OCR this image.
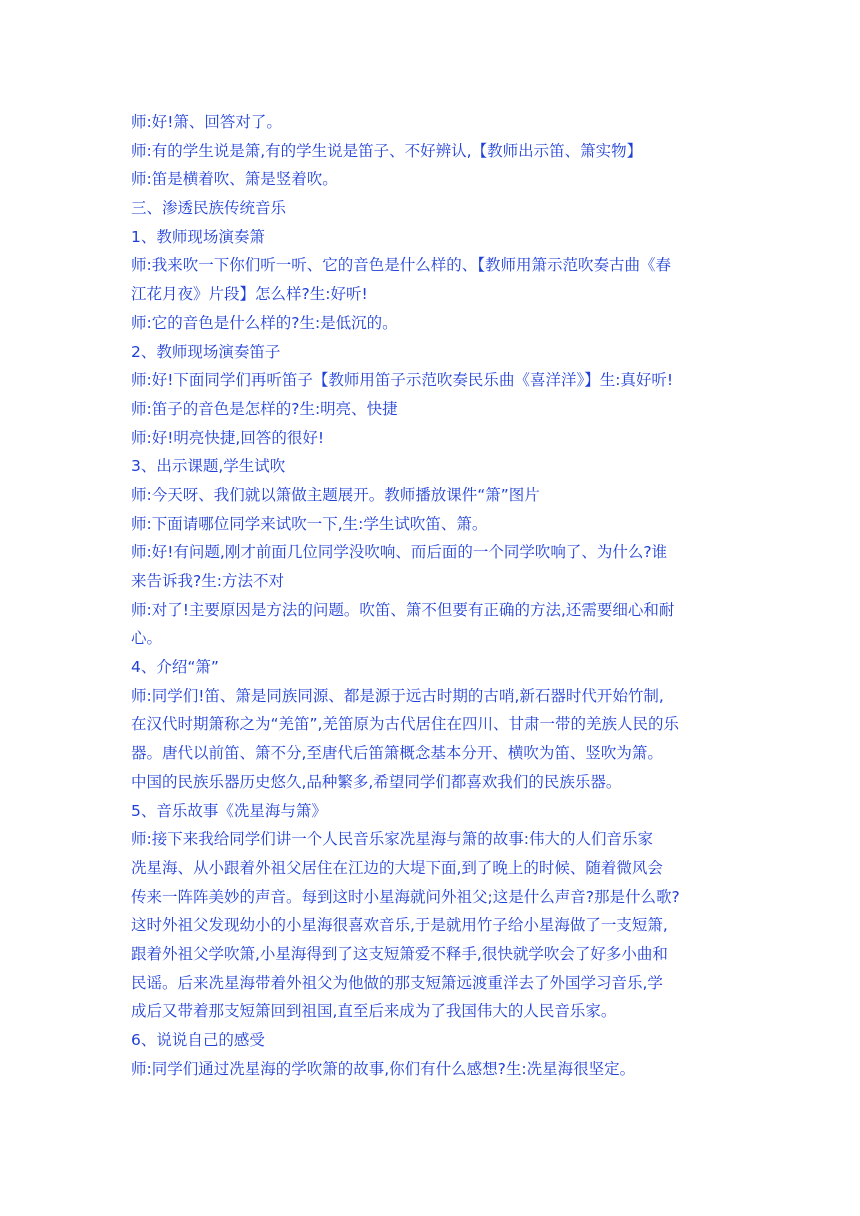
师:好!箫、回答对了。
师:有的学生说是箫,有的学生说是笛子、不好辨认,【教师出示笛、箫实物】
师:笛是横着吹、箫是竖着吹。
三、渗透民族传统音乐
1、教师现场演奏箫
师:我来吹一下你们听一听、它的音色是什么样的、【教师用箫示范吹奏古曲《春
江花月夜》片段】怎么样?生:好听!
师:它的音色是什么样的?生:是低沉的。
2、教师现场演奏笛子
师:好!下面同学们再听笛子【教师用笛子示范吹奏民乐曲《喜洋洋》】生:真好听!
师:笛子的音色是怎样的?生:明亮、快捷
师:好!明亮快捷,回答的很好!
3、出示课题,学生试吹
师:今天呀、我们就以箫做主题展开。教师播放课件“箫”图片
师:下面请哪位同学来试吹一下,生:学生试吹笛、箫。
师:好!有问题,刚才前面几位同学没吹响、而后面的一个同学吹响了、为什么?谁
来告诉我?生:方法不对
师:对了!主要原因是方法的问题。吹笛、箫不但要有正确的方法,还需要细心和耐
心。
4、介绍“箫”
师:同学们!笛、箫是同族同源、都是源于远古时期的古哨,新石器时代开始竹制,
在汉代时期箫称之为“羌笛”,羌笛原为古代居住在四川、甘肃一带的羌族人民的乐
器。唐代以前笛、箫不分,至唐代后笛箫概念基本分开、横吹为笛、竖吹为箫。
中国的民族乐器历史悠久,品种繁多,希望同学们都喜欢我们的民族乐器。
5、音乐故事《冼星海与箫》
师:接下来我给同学们讲一个人民音乐家冼星海与箫的故事:伟大的人们音乐家
冼星海、从小跟着外祖父居住在江边的大堤下面,到了晚上的时候、随着微风会
传来一阵阵美妙的声音。每到这时小星海就问外祖父;这是什么声音?那是什么歌?
这时外祖父发现幼小的小星海很喜欢音乐,于是就用竹子给小星海做了一支短箫,
跟着外祖父学吹箫,小星海得到了这支短箫爱不释手,很快就学吹会了好多小曲和
民谣。后来冼星海带着外祖父为他做的那支短箫远渡重洋去了外国学习音乐,学
成后又带着那支短箫回到祖国,直至后来成为了我国伟大的人民音乐家。
6、说说自己的感受
师:同学们通过冼星海的学吹箫的故事,你们有什么感想?生:冼星海很坚定。
